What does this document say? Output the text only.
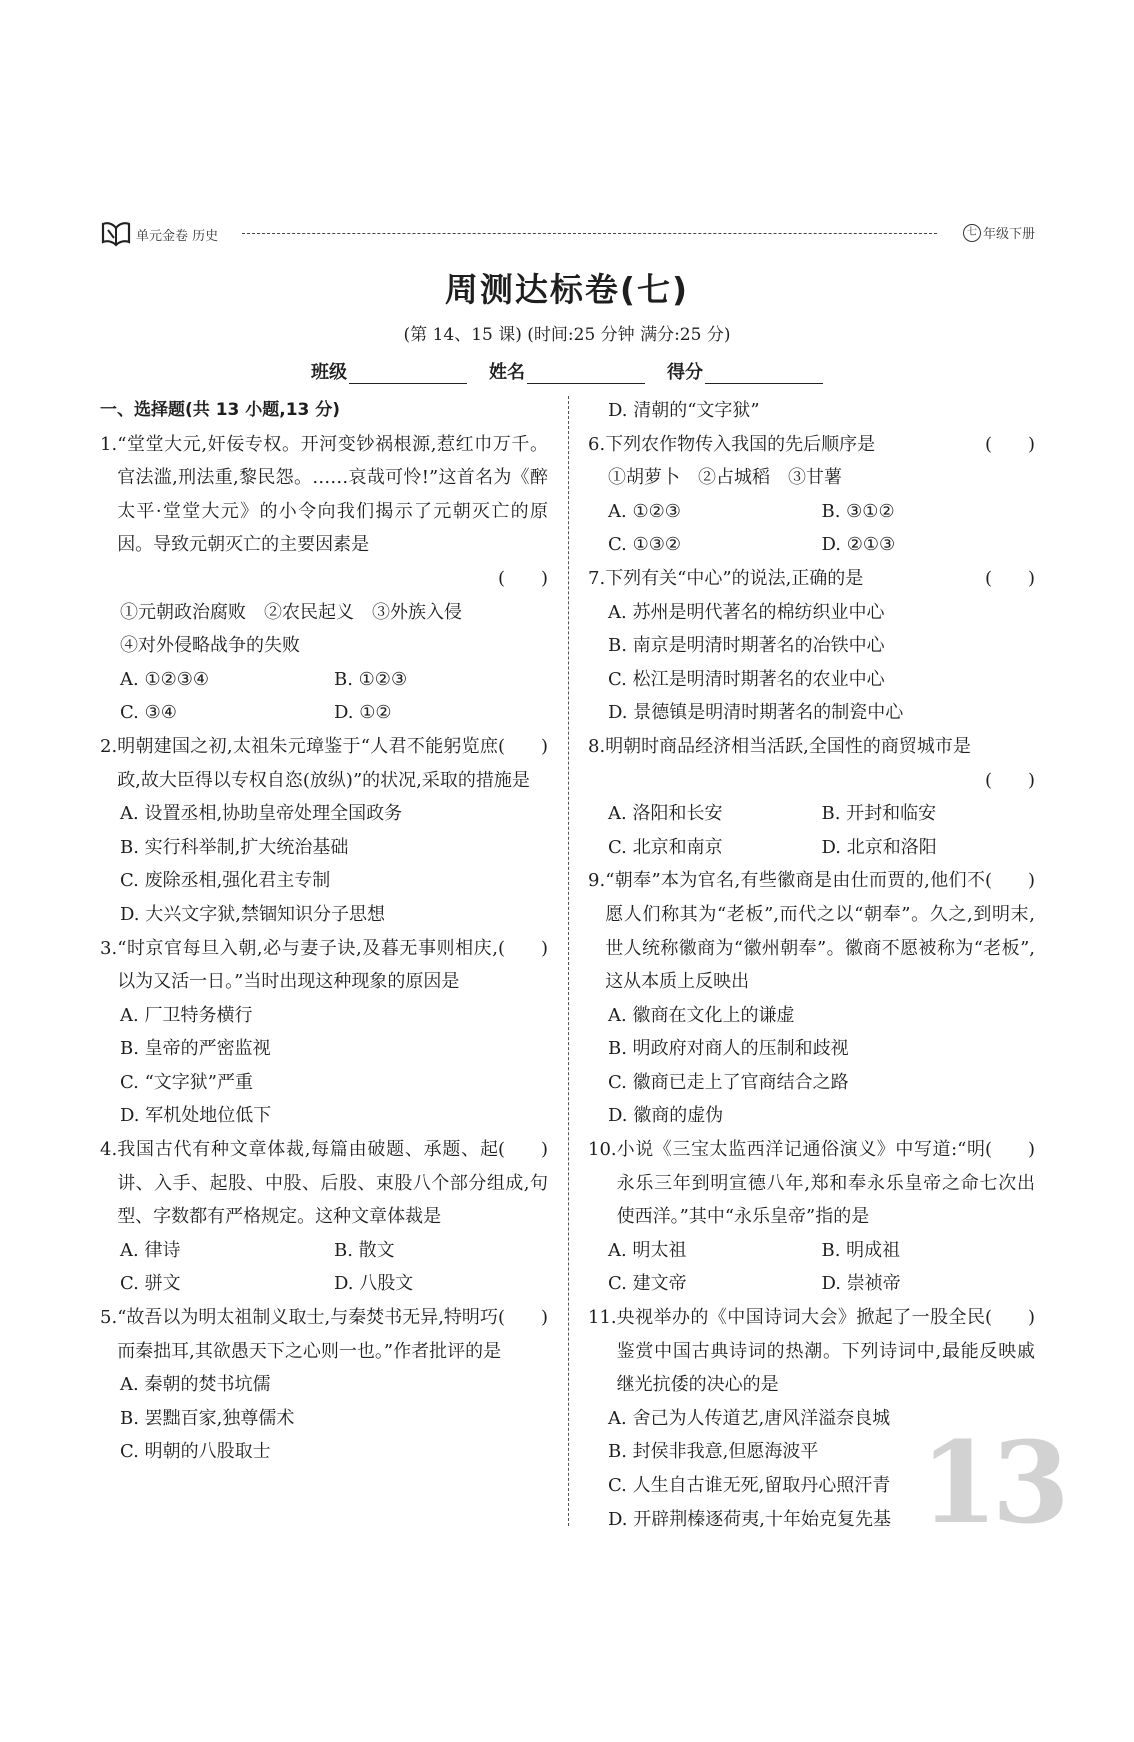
单元金卷 历史	七 年级下册
周测达标卷(七)
(第 14、15 课) (时间:25 分钟 满分:25 分)
班级	姓名	得分
一、选择题(共 13 小题,13 分)
1. “堂堂大元,奸佞专权。开河变钞祸根源,惹红巾万千。官法滥,刑法重,黎民怨。……哀哉可怜!”这首名为《醉太平·堂堂大元》的小令向我们揭示了元朝灭亡的原因。导致元朝灭亡的主要因素是
(　　)
①元朝政治腐败　②农民起义　③外族入侵
④对外侵略战争的失败
A. ①②③④	B. ①②③
C. ③④	D. ①②
2.	(　　)
明朝建国之初,太祖朱元璋鉴于“人君不能躬览庶政,故大臣得以专权自恣(放纵)”的状况,采取的措施是
A. 设置丞相,协助皇帝处理全国政务
B. 实行科举制,扩大统治基础
C. 废除丞相,强化君主专制
D. 大兴文字狱,禁锢知识分子思想
3.	(　　)
“时京官每旦入朝,必与妻子诀,及暮无事则相庆,以为又活一日。”当时出现这种现象的原因是
A. 厂卫特务横行
B. 皇帝的严密监视
C. “文字狱”严重
D. 军机处地位低下
4.	(　　)
我国古代有种文章体裁,每篇由破题、承题、起讲、入手、起股、中股、后股、束股八个部分组成,句型、字数都有严格规定。这种文章体裁是
A. 律诗	B. 散文
C. 骈文	D. 八股文
5.	(　　)
“故吾以为明太祖制义取士,与秦焚书无异,特明巧而秦拙耳,其欲愚天下之心则一也。”作者批评的是
A. 秦朝的焚书坑儒
B. 罢黜百家,独尊儒术
C. 明朝的八股取士
D. 清朝的“文字狱”
6.	(　　)
下列农作物传入我国的先后顺序是
①胡萝卜　②占城稻　③甘薯
A. ①②③	B. ③①②
C. ①③②	D. ②①③
7.	(　　)
下列有关“中心”的说法,正确的是
A. 苏州是明代著名的棉纺织业中心
B. 南京是明清时期著名的冶铁中心
C. 松江是明清时期著名的农业中心
D. 景德镇是明清时期著名的制瓷中心
8. 明朝时商品经济相当活跃,全国性的商贸城市是
(　　)
A. 洛阳和长安	B. 开封和临安
C. 北京和南京	D. 北京和洛阳
9.	(　　)
“朝奉”本为官名,有些徽商是由仕而贾的,他们不愿人们称其为“老板”,而代之以“朝奉”。久之,到明末,世人统称徽商为“徽州朝奉”。徽商不愿被称为“老板”,这从本质上反映出
A. 徽商在文化上的谦虚
B. 明政府对商人的压制和歧视
C. 徽商已走上了官商结合之路
D. 徽商的虚伪
10.	(　　)
小说《三宝太监西洋记通俗演义》中写道:“明永乐三年到明宣德八年,郑和奉永乐皇帝之命七次出使西洋。”其中“永乐皇帝”指的是
A. 明太祖	B. 明成祖
C. 建文帝	D. 崇祯帝
11.	(　　)
央视举办的《中国诗词大会》掀起了一股全民鉴赏中国古典诗词的热潮。下列诗词中,最能反映戚继光抗倭的决心的是
A. 舍己为人传道艺,唐风洋溢奈良城
B. 封侯非我意,但愿海波平
C. 人生自古谁无死,留取丹心照汗青
D. 开辟荆榛逐荷夷,十年始克复先基 13
